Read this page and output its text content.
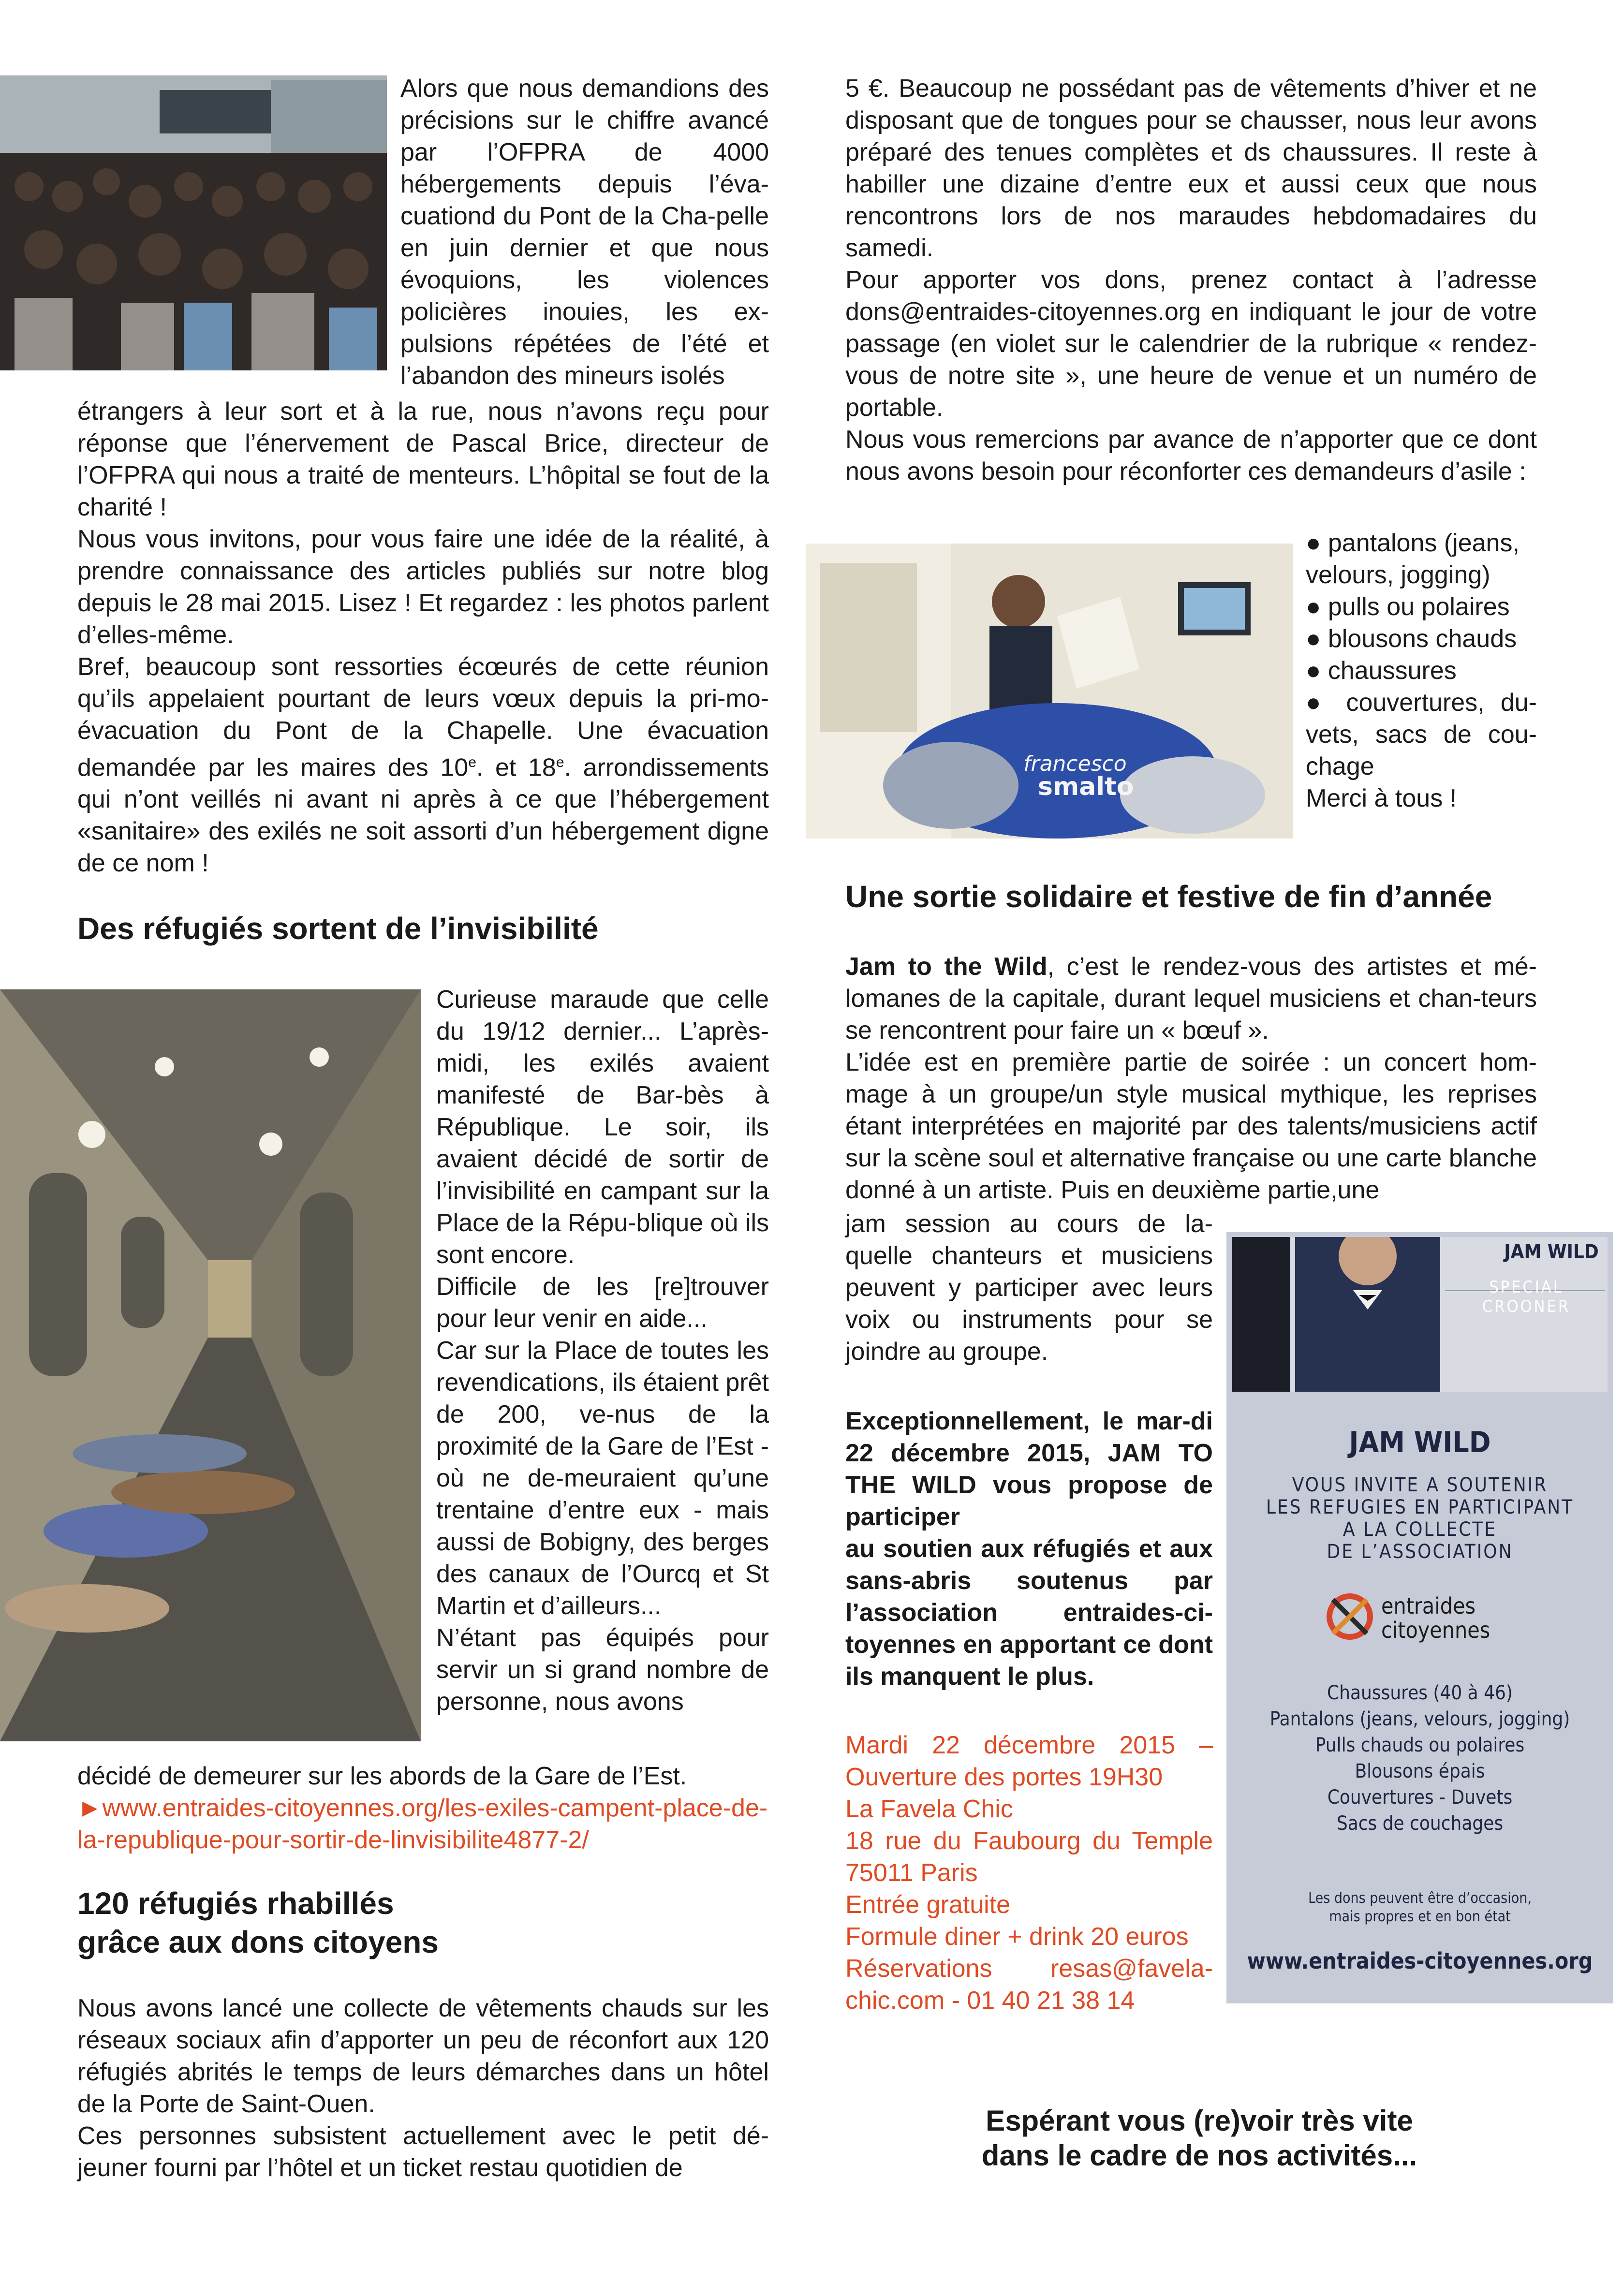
Alors que nous demandions des précisions sur le chiffre avancé par l’OFPRA de 4000 hébergements depuis l’éva-cuationd du Pont de la Cha-pelle en juin dernier et que nous évoquions, les violences policières inouies, les ex-pulsions répétées de l’été et l’abandon des mineurs isolés

étrangers à leur sort et à la rue, nous n’avons reçu pour réponse que l’énervement de Pascal Brice, directeur de l’OFPRA qui nous a traité de menteurs. L’hôpital se fout de la charité !

Nous vous invitons, pour vous faire une idée de la réalité, à prendre connaissance des articles publiés sur notre blog depuis le 28 mai 2015. Lisez ! Et regardez : les photos parlent d’elles-même.

Bref, beaucoup sont ressorties écœurés de cette réunion qu’ils appelaient pourtant de leurs vœux depuis la pri-mo-évacuation du Pont de la Chapelle. Une évacuation demandée par les maires des 10e. et 18e. arrondissements qui n’ont veillés ni avant ni après à ce que l’hébergement «sanitaire» des exilés ne soit assorti d’un hébergement digne de ce nom !

Des réfugiés sortent de l’invisibilité

Curieuse maraude que celle du 19/12 dernier... L’après-midi, les exilés avaient manifesté de Bar-bès à République. Le soir, ils avaient décidé de sortir de l’invisibilité en campant sur la Place de la Répu-blique où ils sont encore.

Difficile de les [re]trouver pour leur venir en aide...

Car sur la Place de toutes les revendications, ils étaient prêt de 200, ve-nus de la proximité de la Gare de l’Est - où ne de-meuraient qu’une trentaine d’entre eux - mais aussi de Bobigny, des berges des canaux de l’Ourcq et St Martin et d’ailleurs...

N’étant pas équipés pour servir un si grand nombre de personne, nous avons

décidé de demeurer sur les abords de la Gare de l’Est.

►www.entraides-citoyennes.org/les-exiles-campent-place-de-la-republique-pour-sortir-de-linvisibilite4877-2/

120 réfugiés rhabillés
grâce aux dons citoyens

Nous avons lancé une collecte de vêtements chauds sur les réseaux sociaux afin d’apporter un peu de réconfort aux 120 réfugiés abrités le temps de leurs démarches dans un hôtel de la Porte de Saint-Ouen.

Ces personnes subsistent actuellement avec le petit dé-jeuner fourni par l’hôtel et un ticket restau quotidien de

5 €. Beaucoup ne possédant pas de vêtements d’hiver et ne disposant que de tongues pour se chausser, nous leur avons préparé des tenues complètes et ds chaussures. Il reste à habiller une dizaine d’entre eux et aussi ceux que nous rencontrons lors de nos maraudes hebdomadaires du samedi.

Pour apporter vos dons, prenez contact à l’adresse dons@entraides-citoyennes.org en indiquant le jour de votre passage (en violet sur le calendrier de la rubrique « rendez-vous de notre site », une heure de venue et un numéro de portable.

Nous vous remercions par avance de n’apporter que ce dont nous avons besoin pour réconforter ces demandeurs d’asile :

francesco
smalto
● pantalons (jeans, velours, jogging)
● pulls ou polaires
● blousons chauds
● chaussures
● couvertures, du-vets, sacs de cou-chage
Merci à tous !
Une sortie solidaire et festive de fin d’année

Jam to the Wild, c’est le rendez-vous des artistes et mé-lomanes de la capitale, durant lequel musiciens et chan-teurs se rencontrent pour faire un « bœuf ».

L’idée est en première partie de soirée : un concert hom-mage à un groupe/un style musical mythique, les reprises étant interprétées en majorité par des talents/musiciens actif sur la scène soul et alternative française ou une carte blanche donné à un artiste. Puis en deuxième partie,une

jam session au cours de la-quelle chanteurs et musiciens peuvent y participer avec leurs voix ou instruments pour se joindre au groupe.

Exceptionnellement, le mar-di 22 décembre 2015, JAM TO THE WILD vous propose de participer

au soutien aux réfugiés et aux sans-abris soutenus par l’association entraides-ci-toyennes en apportant ce dont ils manquent le plus.

Mardi 22 décembre 2015 – Ouverture des portes 19H30

La Favela Chic

18 rue du Faubourg du Temple 75011 Paris

Entrée gratuite

Formule diner + drink 20 euros

Réservations resas@favela-chic.com - 01 40 21 38 14

JAM WILD
SPECIAL CROONER
JAM WILD
VOUS INVITE A SOUTENIR
LES REFUGIES EN PARTICIPANT
A LA COLLECTE
DE L’ASSOCIATION
entraides
citoyennes
Chaussures (40 à 46)
Pantalons (jeans, velours, jogging)
Pulls chauds ou polaires
Blousons épais
Couvertures - Duvets
Sacs de couchages
Les dons peuvent être d’occasion,
mais propres et en bon état
www.entraides-citoyennes.org
Espérant vous (re)voir très vite
dans le cadre de nos activités...
